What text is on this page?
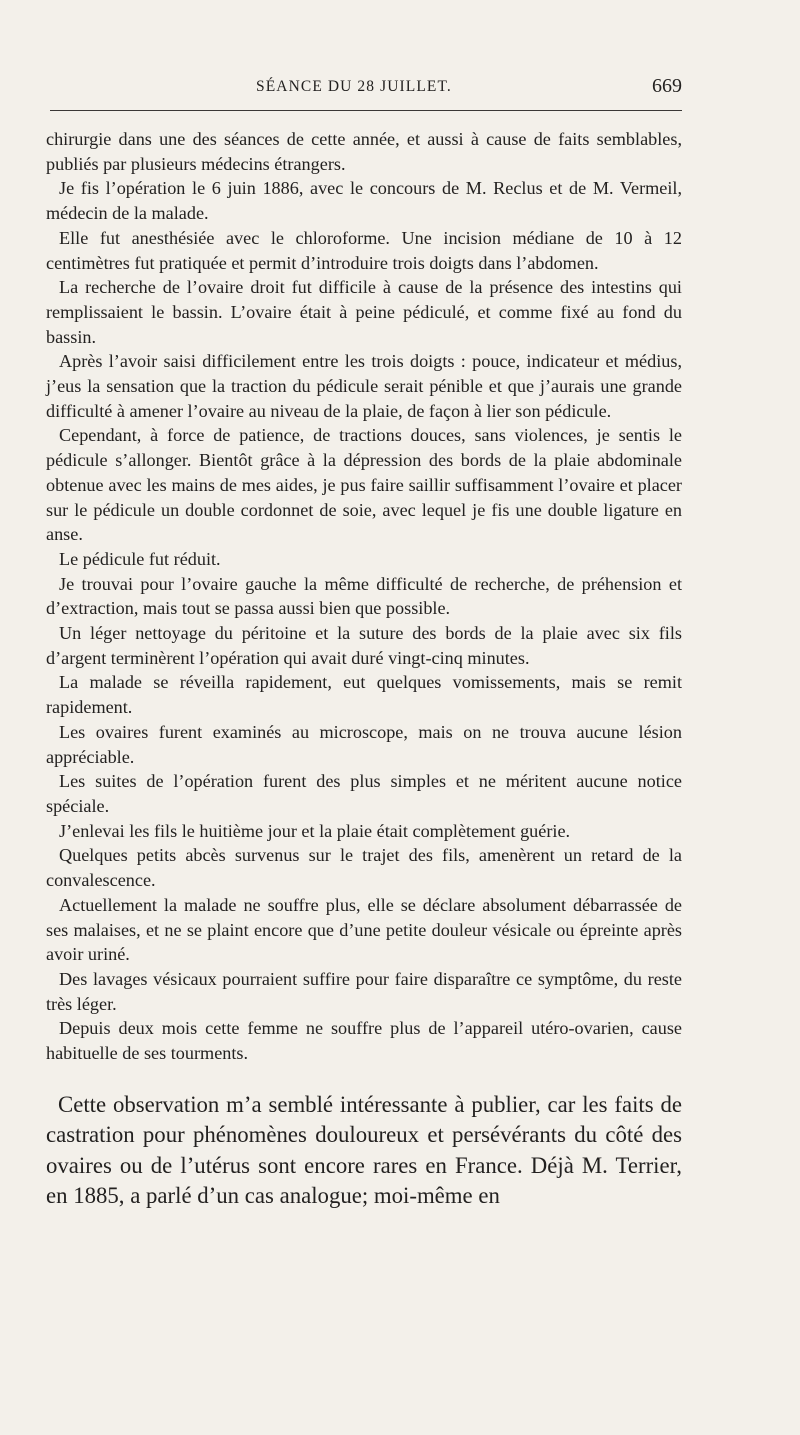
SÉANCE DU 28 JUILLET.	669

chirurgie dans une des séances de cette année, et aussi à cause de faits semblables, publiés par plusieurs médecins étrangers.

Je fis l’opération le 6 juin 1886, avec le concours de M. Reclus et de M. Vermeil, médecin de la malade.

Elle fut anesthésiée avec le chloroforme. Une incision médiane de 10 à 12 centimètres fut pratiquée et permit d’introduire trois doigts dans l’abdomen.

La recherche de l’ovaire droit fut difficile à cause de la présence des intestins qui remplissaient le bassin. L’ovaire était à peine pédiculé, et comme fixé au fond du bassin.

Après l’avoir saisi difficilement entre les trois doigts : pouce, indicateur et médius, j’eus la sensation que la traction du pédicule serait pénible et que j’aurais une grande difficulté à amener l’ovaire au niveau de la plaie, de façon à lier son pédicule.

Cependant, à force de patience, de tractions douces, sans violences, je sentis le pédicule s’allonger. Bientôt grâce à la dépression des bords de la plaie abdominale obtenue avec les mains de mes aides, je pus faire saillir suffisamment l’ovaire et placer sur le pédicule un double cordonnet de soie, avec lequel je fis une double ligature en anse.

Le pédicule fut réduit.

Je trouvai pour l’ovaire gauche la même difficulté de recherche, de préhension et d’extraction, mais tout se passa aussi bien que possible.

Un léger nettoyage du péritoine et la suture des bords de la plaie avec six fils d’argent terminèrent l’opération qui avait duré vingt-cinq minutes.

La malade se réveilla rapidement, eut quelques vomissements, mais se remit rapidement.

Les ovaires furent examinés au microscope, mais on ne trouva aucune lésion appréciable.

Les suites de l’opération furent des plus simples et ne méritent aucune notice spéciale.

J’enlevai les fils le huitième jour et la plaie était complètement guérie.

Quelques petits abcès survenus sur le trajet des fils, amenèrent un retard de la convalescence.

Actuellement la malade ne souffre plus, elle se déclare absolument débarrassée de ses malaises, et ne se plaint encore que d’une petite douleur vésicale ou épreinte après avoir uriné.

Des lavages vésicaux pourraient suffire pour faire disparaître ce symptôme, du reste très léger.

Depuis deux mois cette femme ne souffre plus de l’appareil utéro-ovarien, cause habituelle de ses tourments.

Cette observation m’a semblé intéressante à publier, car les faits de castration pour phénomènes douloureux et persévérants du côté des ovaires ou de l’utérus sont encore rares en France. Déjà M. Terrier, en 1885, a parlé d’un cas analogue; moi-même en
